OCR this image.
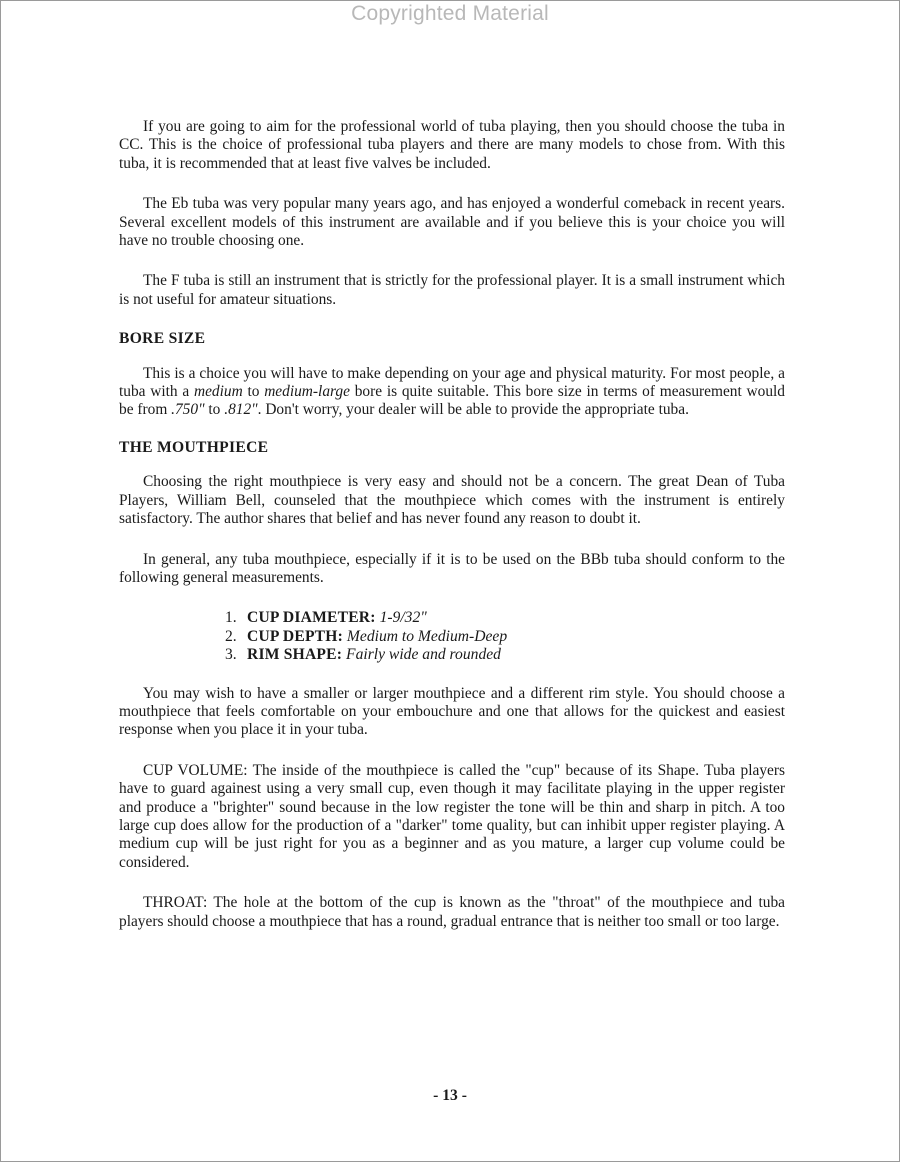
Copyrighted Material

If you are going to aim for the professional world of tuba playing, then you should choose the tuba in CC. This is the choice of professional tuba players and there are many models to chose from. With this tuba, it is recommended that at least five valves be included.

The Eb tuba was very popular many years ago, and has enjoyed a wonderful comeback in recent years. Several excellent models of this instrument are available and if you believe this is your choice you will have no trouble choosing one.

The F tuba is still an instrument that is strictly for the professional player. It is a small instrument which is not useful for amateur situations.

BORE SIZE

This is a choice you will have to make depending on your age and physical maturity. For most people, a tuba with a medium to medium-large bore is quite suitable. This bore size in terms of measurement would be from .750" to .812". Don't worry, your dealer will be able to provide the appropriate tuba.

THE MOUTHPIECE

Choosing the right mouthpiece is very easy and should not be a concern. The great Dean of Tuba Players, William Bell, counseled that the mouthpiece which comes with the instrument is entirely satisfactory. The author shares that belief and has never found any reason to doubt it.

In general, any tuba mouthpiece, especially if it is to be used on the BBb tuba should conform to the following general measurements.

1. CUP DIAMETER: 1-9/32"
2. CUP DEPTH: Medium to Medium-Deep
3. RIM SHAPE: Fairly wide and rounded

You may wish to have a smaller or larger mouthpiece and a different rim style. You should choose a mouthpiece that feels comfortable on your embouchure and one that allows for the quickest and easiest response when you place it in your tuba.

CUP VOLUME: The inside of the mouthpiece is called the "cup" because of its Shape. Tuba players have to guard againest using a very small cup, even though it may facilitate playing in the upper register and produce a "brighter" sound because in the low register the tone will be thin and sharp in pitch. A too large cup does allow for the production of a "darker" tome quality, but can inhibit upper register playing. A medium cup will be just right for you as a beginner and as you mature, a larger cup volume could be considered.

THROAT: The hole at the bottom of the cup is known as the "throat" of the mouthpiece and tuba players should choose a mouthpiece that has a round, gradual entrance that is neither too small or too large.

- 13 -
